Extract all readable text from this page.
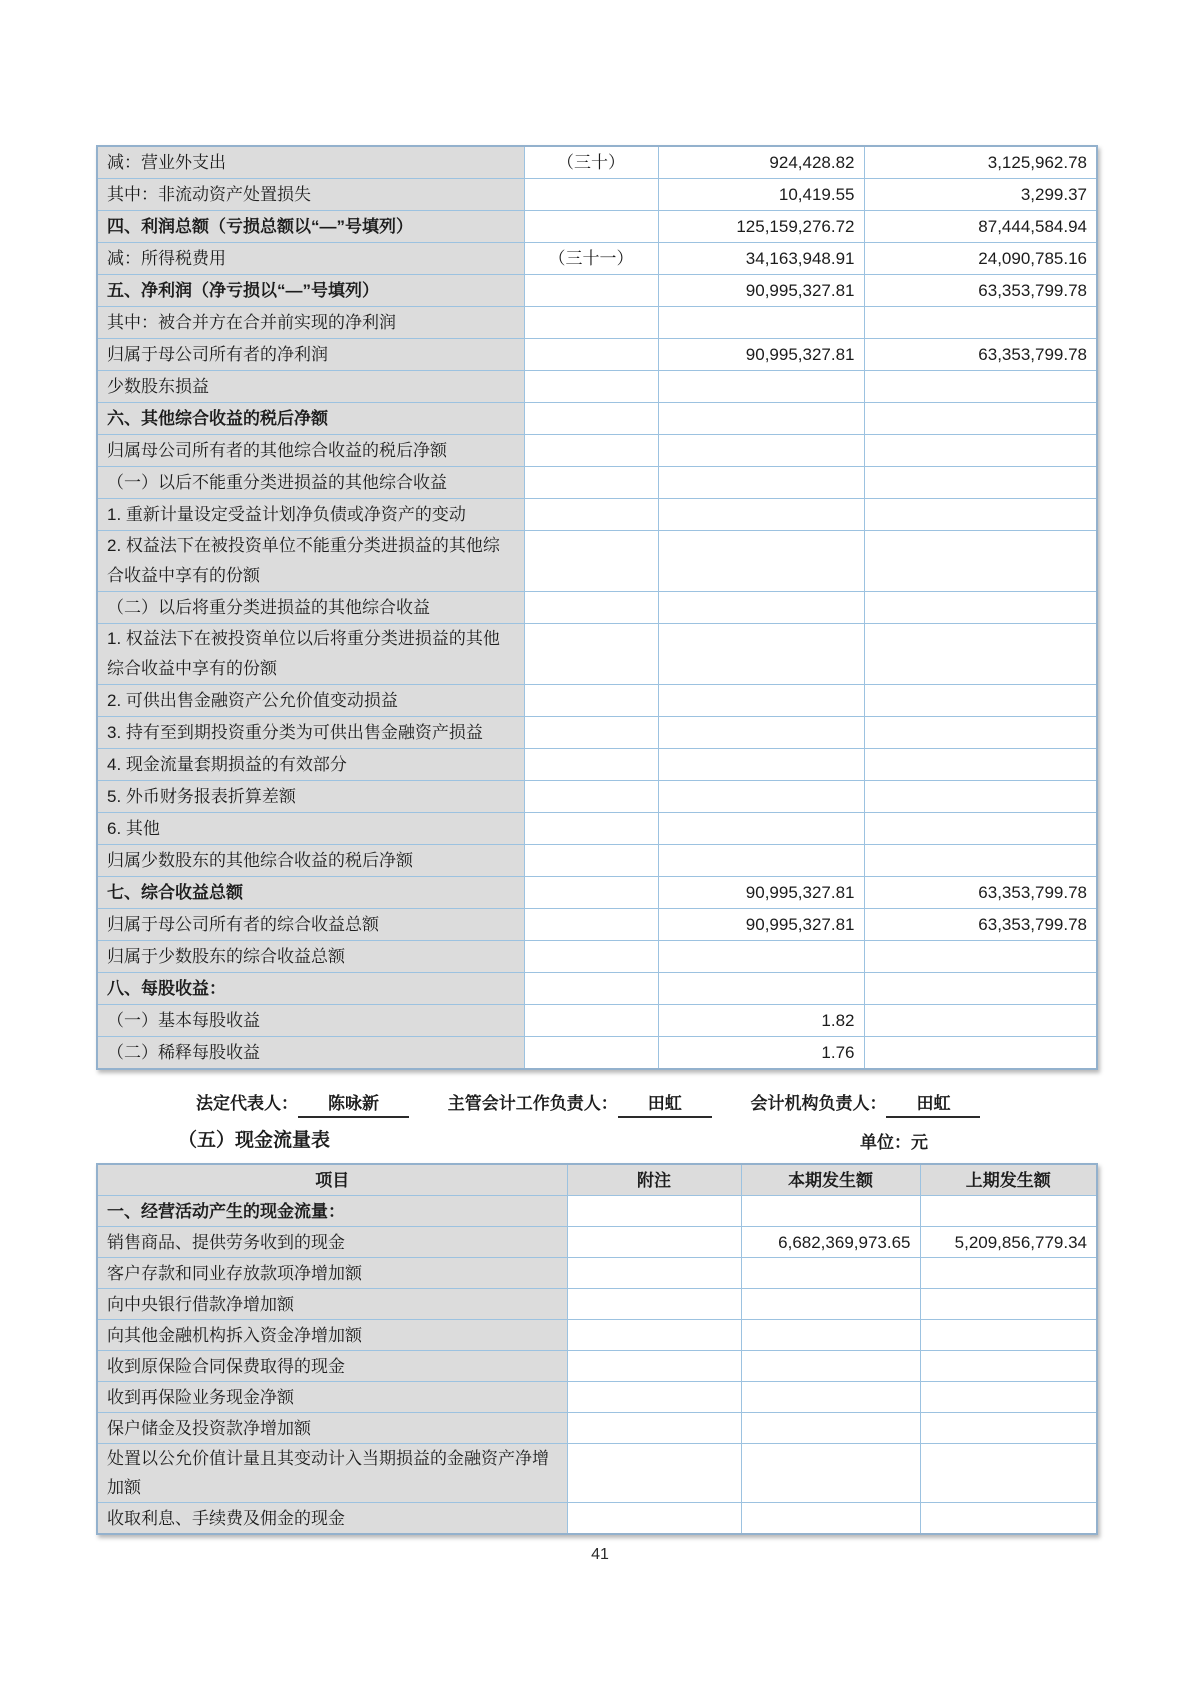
减：营业外支出	（三十）	924,428.82	3,125,962.78
其中：非流动资产处置损失		10,419.55	3,299.37
四、利润总额（亏损总额以“—”号填列）		125,159,276.72	87,444,584.94
减：所得税费用	（三十一）	34,163,948.91	24,090,785.16
五、净利润（净亏损以“—”号填列）		90,995,327.81	63,353,799.78
其中：被合并方在合并前实现的净利润			
归属于母公司所有者的净利润		90,995,327.81	63,353,799.78
少数股东损益			
六、其他综合收益的税后净额			
归属母公司所有者的其他综合收益的税后净额			
（一）以后不能重分类进损益的其他综合收益			
1. 重新计量设定受益计划净负债或净资产的变动			
2. 权益法下在被投资单位不能重分类进损益的其他综合收益中享有的份额			
（二）以后将重分类进损益的其他综合收益			
1. 权益法下在被投资单位以后将重分类进损益的其他综合收益中享有的份额			
2. 可供出售金融资产公允价值变动损益			
3. 持有至到期投资重分类为可供出售金融资产损益			
4. 现金流量套期损益的有效部分			
5. 外币财务报表折算差额			
6. 其他			
归属少数股东的其他综合收益的税后净额			
七、综合收益总额		90,995,327.81	63,353,799.78
归属于母公司所有者的综合收益总额		90,995,327.81	63,353,799.78
归属于少数股东的综合收益总额			
八、每股收益：			
（一）基本每股收益		1.82	
（二）稀释每股收益		1.76	
法定代表人： 陈咏新	主管会计工作负责人： 田虹	会计机构负责人： 田虹
（五）现金流量表	单位：元
项目	附注	本期发生额	上期发生额
一、经营活动产生的现金流量：			
销售商品、提供劳务收到的现金		6,682,369,973.65	5,209,856,779.34
客户存款和同业存放款项净增加额			
向中央银行借款净增加额			
向其他金融机构拆入资金净增加额			
收到原保险合同保费取得的现金			
收到再保险业务现金净额			
保户储金及投资款净增加额			
处置以公允价值计量且其变动计入当期损益的金融资产净增加额			
收取利息、手续费及佣金的现金			
41
